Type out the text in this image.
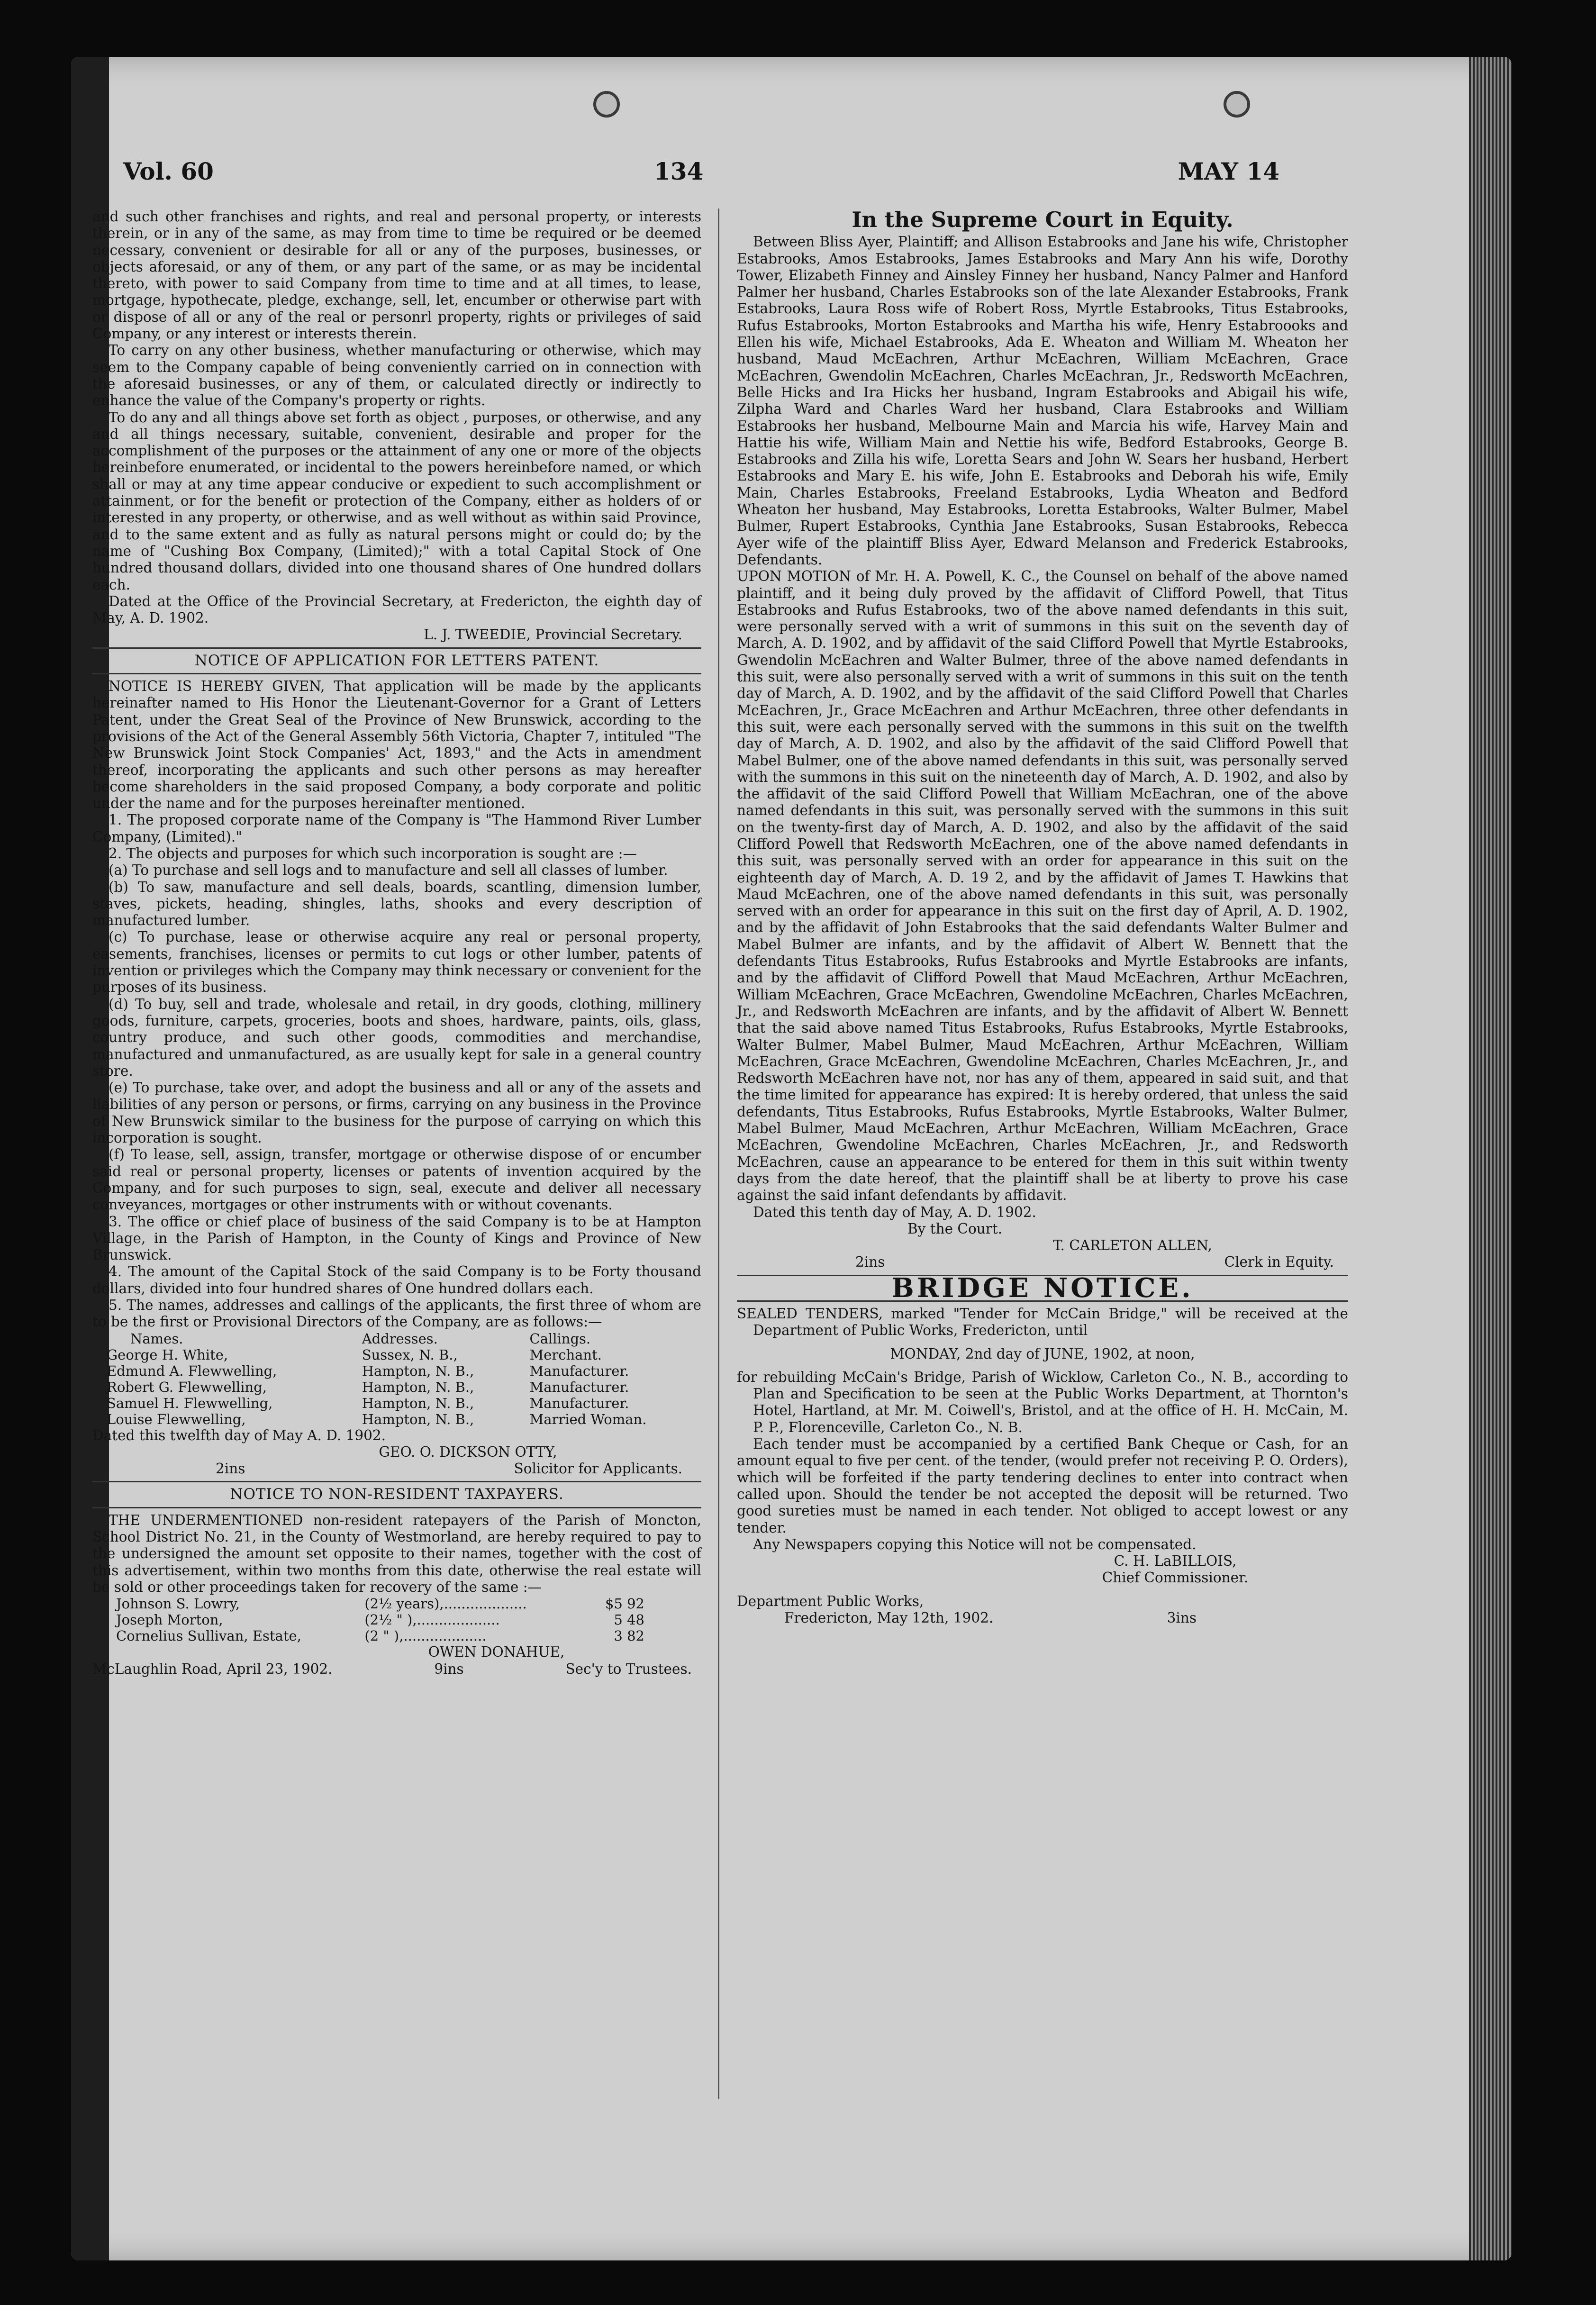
Vol. 60	134	MAY 14

and such other franchises and rights, and real and personal property, or interests therein, or in any of the same, as may from time to time be required or be deemed necessary, convenient or desirable for all or any of the purposes, businesses, or objects aforesaid, or any of them, or any part of the same, or as may be incidental thereto, with power to said Company from time to time and at all times, to lease, mortgage, hypothecate, pledge, exchange, sell, let, encumber or otherwise part with or dispose of all or any of the real or personrl property, rights or privileges of said Company, or any interest or interests therein.

To carry on any other business, whether manufacturing or otherwise, which may seem to the Company capable of being conveniently carried on in connection with the aforesaid businesses, or any of them, or calculated directly or indirectly to enhance the value of the Company's property or rights.

To do any and all things above set forth as object , purposes, or otherwise, and any and all things necessary, suitable, convenient, desirable and proper for the accomplishment of the purposes or the attainment of any one or more of the objects hereinbefore enumerated, or incidental to the powers hereinbefore named, or which shall or may at any time appear conducive or expedient to such accomplishment or attainment, or for the benefit or protection of the Company, either as holders of or interested in any property, or otherwise, and as well without as within said Province, and to the same extent and as fully as natural persons might or could do; by the name of "Cushing Box Company, (Limited);" with a total Capital Stock of One hundred thousand dollars, divided into one thousand shares of One hundred dollars each.

Dated at the Office of the Provincial Secretary, at Fredericton, the eighth day of May, A. D. 1902.

L. J. TWEEDIE, Provincial Secretary.

NOTICE OF APPLICATION FOR LETTERS PATENT.

NOTICE IS HEREBY GIVEN, That application will be made by the applicants hereinafter named to His Honor the Lieutenant-Governor for a Grant of Letters Patent, under the Great Seal of the Province of New Brunswick, according to the provisions of the Act of the General Assembly 56th Victoria, Chapter 7, intituled "The New Brunswick Joint Stock Companies' Act, 1893," and the Acts in amendment thereof, incorporating the applicants and such other persons as may hereafter become shareholders in the said proposed Company, a body corporate and politic under the name and for the purposes hereinafter mentioned.

1. The proposed corporate name of the Company is "The Hammond River Lumber Company, (Limited)."

2. The objects and purposes for which such incorporation is sought are :—

(a) To purchase and sell logs and to manufacture and sell all classes of lumber.

(b) To saw, manufacture and sell deals, boards, scantling, dimension lumber, staves, pickets, heading, shingles, laths, shooks and every description of manufactured lumber.

(c) To purchase, lease or otherwise acquire any real or personal property, easements, franchises, licenses or permits to cut logs or other lumber, patents of invention or privileges which the Company may think necessary or convenient for the purposes of its business.

(d) To buy, sell and trade, wholesale and retail, in dry goods, clothing, millinery goods, furniture, carpets, groceries, boots and shoes, hardware, paints, oils, glass, country produce, and such other goods, commodities and merchandise, manufactured and unmanufactured, as are usually kept for sale in a general country store.

(e) To purchase, take over, and adopt the business and all or any of the assets and liabilities of any person or persons, or firms, carrying on any business in the Province of New Brunswick similar to the business for the purpose of carrying on which this incorporation is sought.

(f) To lease, sell, assign, transfer, mortgage or otherwise dispose of or encumber said real or personal property, licenses or patents of invention acquired by the Company, and for such purposes to sign, seal, execute and deliver all necessary conveyances, mortgages or other instruments with or without covenants.

3. The office or chief place of business of the said Company is to be at Hampton Village, in the Parish of Hampton, in the County of Kings and Province of New Brunswick.

4. The amount of the Capital Stock of the said Company is to be Forty thousand dollars, divided into four hundred shares of One hundred dollars each.

5. The names, addresses and callings of the applicants, the first three of whom are to be the first or Provisional Directors of the Company, are as follows:—

Names.	Addresses.	Callings.
George H. White,	Sussex, N. B.,	Merchant.
Edmund A. Flewwelling,	Hampton, N. B.,	Manufacturer.
Robert G. Flewwelling,	Hampton, N. B.,	Manufacturer.
Samuel H. Flewwelling,	Hampton, N. B.,	Manufacturer.
Louise Flewwelling,	Hampton, N. B.,	Married Woman.

Dated this twelfth day of May A. D. 1902.

GEO. O. DICKSON OTTY,

2ins	Solicitor for Applicants.
NOTICE TO NON-RESIDENT TAXPAYERS.

THE UNDERMENTIONED non-resident ratepayers of the Parish of Moncton, School District No. 21, in the County of Westmorland, are hereby required to pay to the undersigned the amount set opposite to their names, together with the cost of this advertisement, within two months from this date, otherwise the real estate will be sold or other proceedings taken for recovery of the same :—

Johnson S. Lowry,	(2½ years),...................	$5 92
Joseph Morton,	(2½ " ),...................	5 48
Cornelius Sullivan, Estate,	(2 " ),...................	3 82

OWEN DONAHUE,

McLaughlin Road, April 23, 1902.	9ins	Sec'y to Trustees.
In the Supreme Court in Equity.

Between Bliss Ayer, Plaintiff; and Allison Estabrooks and Jane his wife, Christopher Estabrooks, Amos Estabrooks, James Estabrooks and Mary Ann his wife, Dorothy Tower, Elizabeth Finney and Ainsley Finney her husband, Nancy Palmer and Hanford Palmer her husband, Charles Estabrooks son of the late Alexander Estabrooks, Frank Estabrooks, Laura Ross wife of Robert Ross, Myrtle Estabrooks, Titus Estabrooks, Rufus Estabrooks, Morton Estabrooks and Martha his wife, Henry Estabroooks and Ellen his wife, Michael Estabrooks, Ada E. Wheaton and William M. Wheaton her husband, Maud McEachren, Arthur McEachren, William McEachren, Grace McEachren, Gwendolin McEachren, Charles McEachran, Jr., Redsworth McEachren, Belle Hicks and Ira Hicks her husband, Ingram Estabrooks and Abigail his wife, Zilpha Ward and Charles Ward her husband, Clara Estabrooks and William Estabrooks her husband, Melbourne Main and Marcia his wife, Harvey Main and Hattie his wife, William Main and Nettie his wife, Bedford Estabrooks, George B. Estabrooks and Zilla his wife, Loretta Sears and John W. Sears her husband, Herbert Estabrooks and Mary E. his wife, John E. Estabrooks and Deborah his wife, Emily Main, Charles Estabrooks, Freeland Estabrooks, Lydia Wheaton and Bedford Wheaton her husband, May Estabrooks, Loretta Estabrooks, Walter Bulmer, Mabel Bulmer, Rupert Estabrooks, Cynthia Jane Estabrooks, Susan Estabrooks, Rebecca Ayer wife of the plaintiff Bliss Ayer, Edward Melanson and Frederick Estabrooks, Defendants.

UPON MOTION of Mr. H. A. Powell, K. C., the Counsel on behalf of the above named plaintiff, and it being duly proved by the affidavit of Clifford Powell, that Titus Estabrooks and Rufus Estabrooks, two of the above named defendants in this suit, were personally served with a writ of summons in this suit on the seventh day of March, A. D. 1902, and by affidavit of the said Clifford Powell that Myrtle Estabrooks, Gwendolin McEachren and Walter Bulmer, three of the above named defendants in this suit, were also personally served with a writ of summons in this suit on the tenth day of March, A. D. 1902, and by the affidavit of the said Clifford Powell that Charles McEachren, Jr., Grace McEachren and Arthur McEachren, three other defendants in this suit, were each personally served with the summons in this suit on the twelfth day of March, A. D. 1902, and also by the affidavit of the said Clifford Powell that Mabel Bulmer, one of the above named defendants in this suit, was personally served with the summons in this suit on the nineteenth day of March, A. D. 1902, and also by the affidavit of the said Clifford Powell that William McEachran, one of the above named defendants in this suit, was personally served with the summons in this suit on the twenty-first day of March, A. D. 1902, and also by the affidavit of the said Clifford Powell that Redsworth McEachren, one of the above named defendants in this suit, was personally served with an order for appearance in this suit on the eighteenth day of March, A. D. 19 2, and by the affidavit of James T. Hawkins that Maud McEachren, one of the above named defendants in this suit, was personally served with an order for appearance in this suit on the first day of April, A. D. 1902, and by the affidavit of John Estabrooks that the said defendants Walter Bulmer and Mabel Bulmer are infants, and by the affidavit of Albert W. Bennett that the defendants Titus Estabrooks, Rufus Estabrooks and Myrtle Estabrooks are infants, and by the affidavit of Clifford Powell that Maud McEachren, Arthur McEachren, William McEachren, Grace McEachren, Gwendoline McEachren, Charles McEachren, Jr., and Redsworth McEachren are infants, and by the affidavit of Albert W. Bennett that the said above named Titus Estabrooks, Rufus Estabrooks, Myrtle Estabrooks, Walter Bulmer, Mabel Bulmer, Maud McEachren, Arthur McEachren, William McEachren, Grace McEachren, Gwendoline McEachren, Charles McEachren, Jr., and Redsworth McEachren have not, nor has any of them, appeared in said suit, and that the time limited for appearance has expired: It is hereby ordered, that unless the said defendants, Titus Estabrooks, Rufus Estabrooks, Myrtle Estabrooks, Walter Bulmer, Mabel Bulmer, Maud McEachren, Arthur McEachren, William McEachren, Grace McEachren, Gwendoline McEachren, Charles McEachren, Jr., and Redsworth McEachren, cause an appearance to be entered for them in this suit within twenty days from the date hereof, that the plaintiff shall be at liberty to prove his case against the said infant defendants by affidavit.

Dated this tenth day of May, A. D. 1902.

By the Court.

T. CARLETON ALLEN,

2ins	Clerk in Equity.
BRIDGE NOTICE.

SEALED TENDERS, marked "Tender for McCain Bridge," will be received at the Department of Public Works, Fredericton, until

MONDAY, 2nd day of JUNE, 1902, at noon,

for rebuilding McCain's Bridge, Parish of Wicklow, Carleton Co., N. B., according to Plan and Specification to be seen at the Public Works Department, at Thornton's Hotel, Hartland, at Mr. M. Coiwell's, Bristol, and at the office of H. H. McCain, M. P. P., Florenceville, Carleton Co., N. B.

Each tender must be accompanied by a certified Bank Cheque or Cash, for an amount equal to five per cent. of the tender, (would prefer not receiving P. O. Orders), which will be forfeited if the party tendering declines to enter into contract when called upon. Should the tender be not accepted the deposit will be returned. Two good sureties must be named in each tender. Not obliged to accept lowest or any tender.

Any Newspapers copying this Notice will not be compensated.

C. H. LaBILLOIS,

Chief Commissioner.

Department Public Works,

Fredericton, May 12th, 1902.	3ins
